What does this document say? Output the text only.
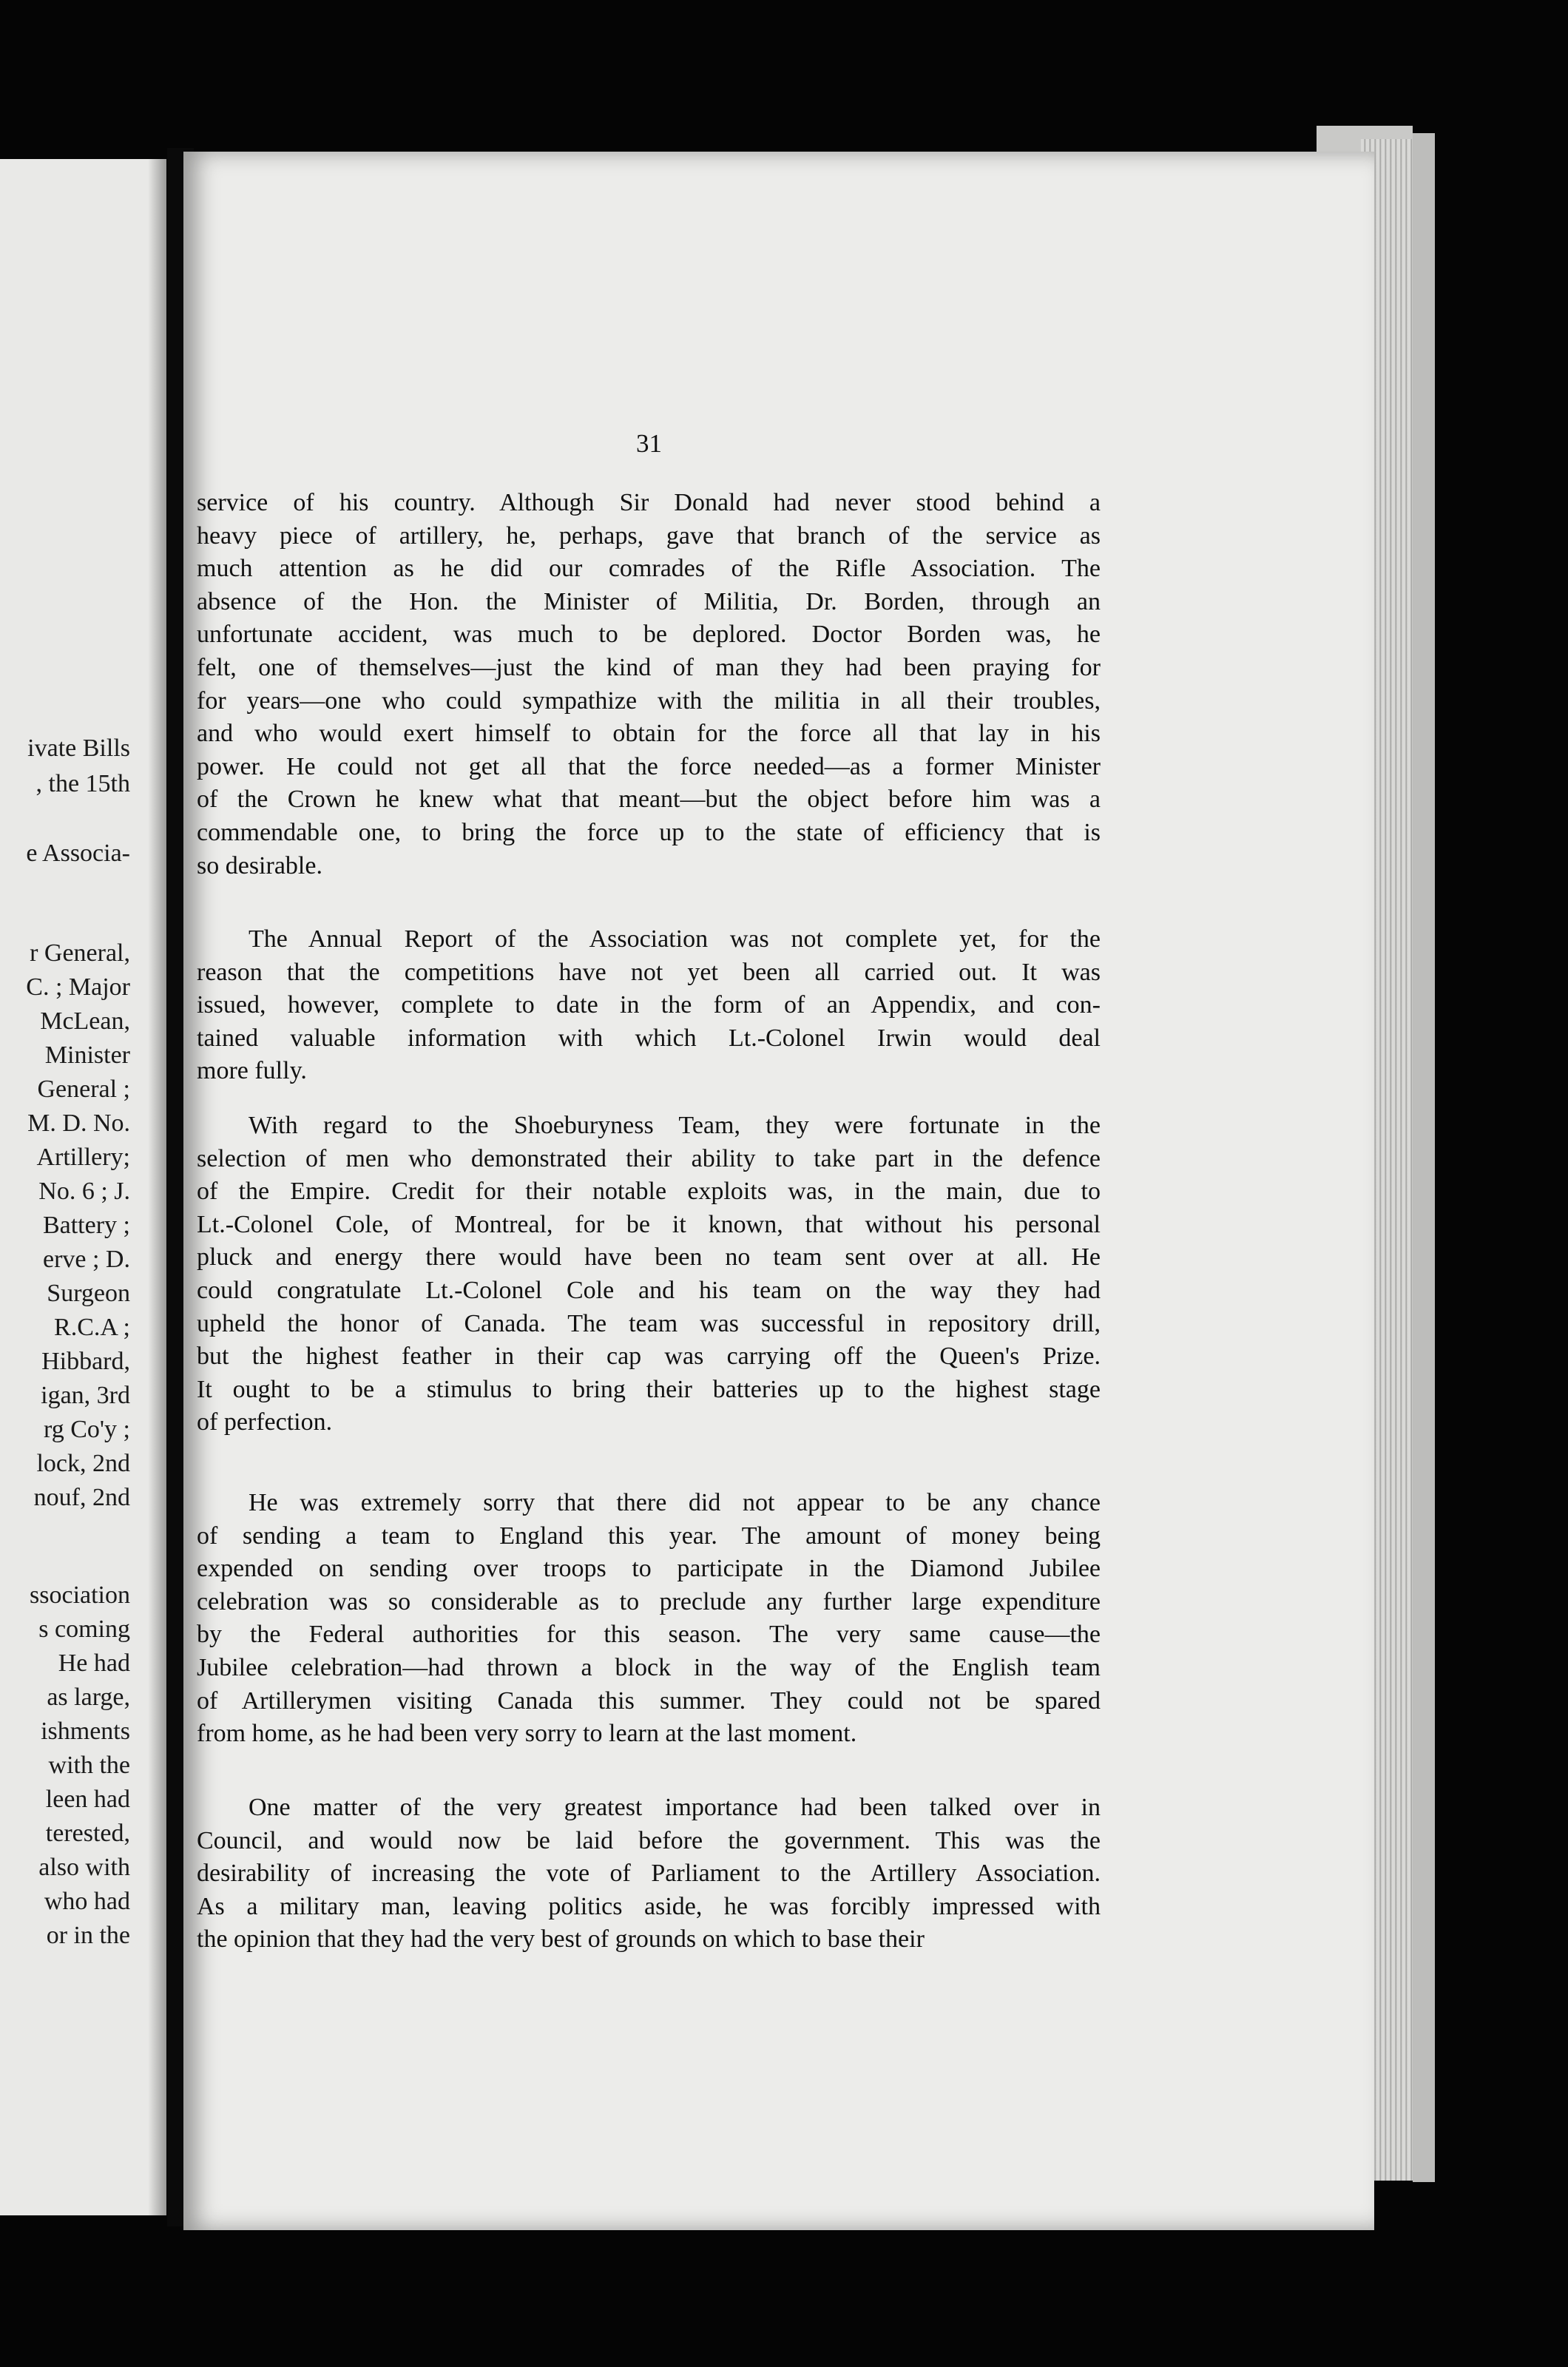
ivate Bills
, the 15th
e Associa-
r General,
C. ; Major
McLean,
Minister
General ;
M. D. No.
Artillery;
No. 6 ; J.
Battery ;
erve ; D.
Surgeon
R.C.A ;
Hibbard,
igan, 3rd
rg Co'y ;
lock, 2nd
nouf, 2nd
ssociation
s coming
He had
as large,
ishments
with the
leen had
terested,
also with
who had
or in the
31
service of his country. Although Sir Donald had never stood behind a
heavy piece of artillery, he, perhaps, gave that branch of the service as
much attention as he did our comrades of the Rifle Association. The
absence of the Hon. the Minister of Militia, Dr. Borden, through an
unfortunate accident, was much to be deplored. Doctor Borden was, he
felt, one of themselves—just the kind of man they had been praying for
for years—one who could sympathize with the militia in all their troubles,
and who would exert himself to obtain for the force all that lay in his
power. He could not get all that the force needed—as a former Minister
of the Crown he knew what that meant—but the object before him was a
commendable one, to bring the force up to the state of efficiency that is
so desirable.
The Annual Report of the Association was not complete yet, for the
reason that the competitions have not yet been all carried out. It was
issued, however, complete to date in the form of an Appendix, and con-
tained valuable information with which Lt.-Colonel Irwin would deal
more fully.
With regard to the Shoeburyness Team, they were fortunate in the
selection of men who demonstrated their ability to take part in the defence
of the Empire. Credit for their notable exploits was, in the main, due to
Lt.-Colonel Cole, of Montreal, for be it known, that without his personal
pluck and energy there would have been no team sent over at all. He
could congratulate Lt.-Colonel Cole and his team on the way they had
upheld the honor of Canada. The team was successful in repository drill,
but the highest feather in their cap was carrying off the Queen's Prize.
It ought to be a stimulus to bring their batteries up to the highest stage
of perfection.
He was extremely sorry that there did not appear to be any chance
of sending a team to England this year. The amount of money being
expended on sending over troops to participate in the Diamond Jubilee
celebration was so considerable as to preclude any further large expenditure
by the Federal authorities for this season. The very same cause—the
Jubilee celebration—had thrown a block in the way of the English team
of Artillerymen visiting Canada this summer. They could not be spared
from home, as he had been very sorry to learn at the last moment.
One matter of the very greatest importance had been talked over in
Council, and would now be laid before the government. This was the
desirability of increasing the vote of Parliament to the Artillery Association.
As a military man, leaving politics aside, he was forcibly impressed with
the opinion that they had the very best of grounds on which to base their
